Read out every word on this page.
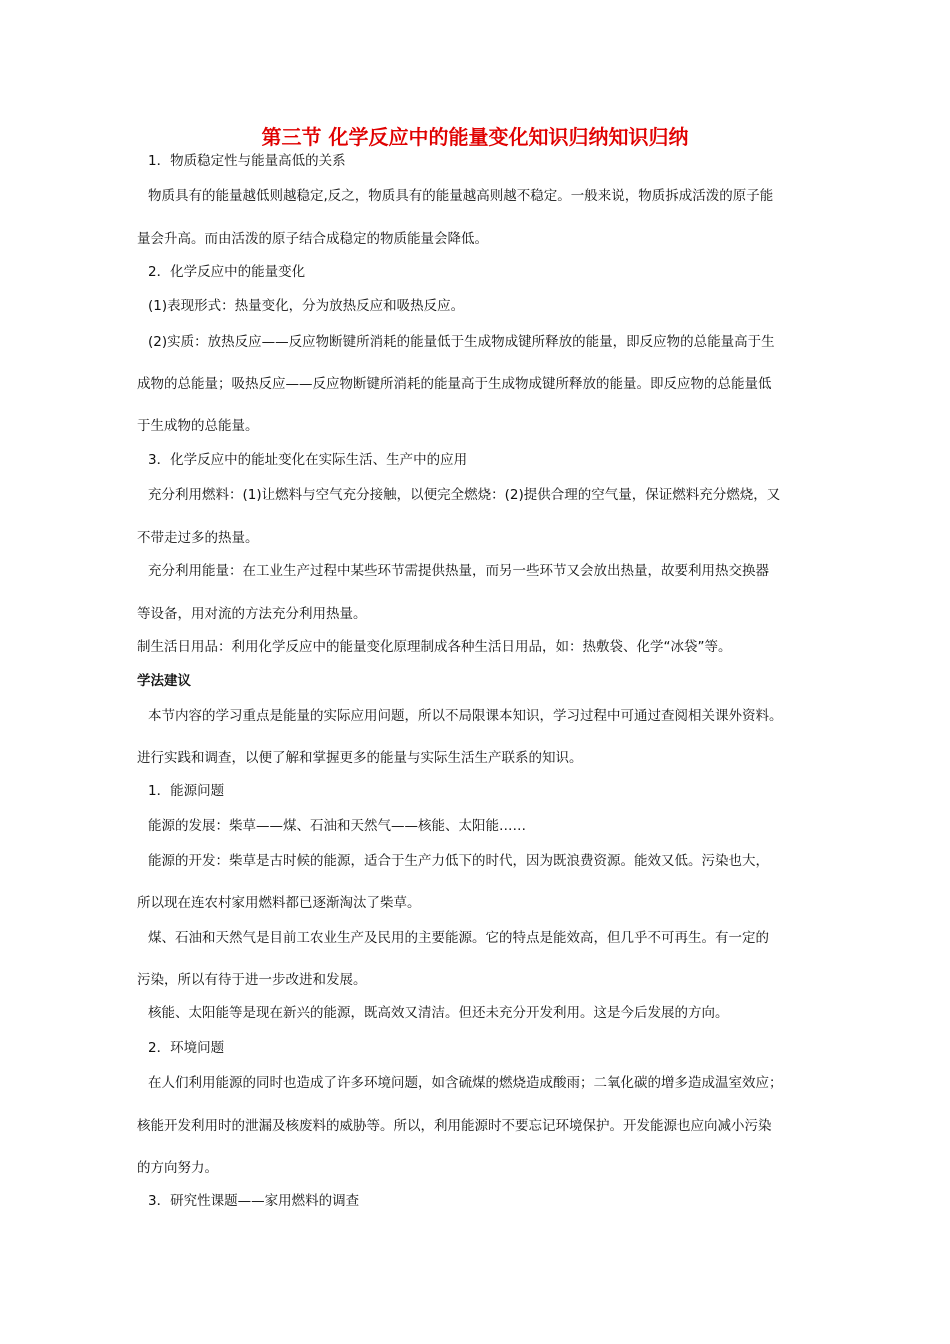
第三节 化学反应中的能量变化知识归纳知识归纳
1．物质稳定性与能量高低的关系
物质具有的能量越低则越稳定,反之，物质具有的能量越高则越不稳定。一般来说，物质拆成活泼的原子能
量会升高。而由活泼的原子结合成稳定的物质能量会降低。
2．化学反应中的能量变化
(1)表现形式：热量变化，分为放热反应和吸热反应。
(2)实质：放热反应——反应物断键所消耗的能量低于生成物成键所释放的能量，即反应物的总能量高于生
成物的总能量；吸热反应——反应物断键所消耗的能量高于生成物成键所释放的能量。即反应物的总能量低
于生成物的总能量。
3．化学反应中的能址变化在实际生活、生产中的应用
充分利用燃料：(1)让燃料与空气充分接触，以便完全燃烧：(2)提供合理的空气量，保证燃料充分燃烧，又
不带走过多的热量。
充分利用能量：在工业生产过程中某些环节需提供热量，而另一些环节又会放出热量，故要利用热交换器
等设备，用对流的方法充分利用热量。
制生活日用品：利用化学反应中的能量变化原理制成各种生活日用品，如：热敷袋、化学“冰袋”等。
学法建议
本节内容的学习重点是能量的实际应用问题，所以不局限课本知识，学习过程中可通过查阅相关课外资料。
进行实践和调查，以便了解和掌握更多的能量与实际生活生产联系的知识。
1．能源问题
能源的发展：柴草——煤、石油和天然气——核能、太阳能……
能源的开发：柴草是古时候的能源，适合于生产力低下的时代，因为既浪费资源。能效又低。污染也大，
所以现在连农村家用燃料都已逐渐淘汰了柴草。
煤、石油和天然气是目前工农业生产及民用的主要能源。它的特点是能效高，但几乎不可再生。有一定的
污染，所以有待于进一步改进和发展。
核能、太阳能等是现在新兴的能源，既高效又清洁。但还未充分开发利用。这是今后发展的方向。
2．环境问题
在人们利用能源的同时也造成了许多环境问题，如含硫煤的燃烧造成酸雨；二氧化碳的增多造成温室效应；
核能开发利用时的泄漏及核废料的威胁等。所以，利用能源时不要忘记环境保护。开发能源也应向减小污染
的方向努力。
3．研究性课题——家用燃料的调查
